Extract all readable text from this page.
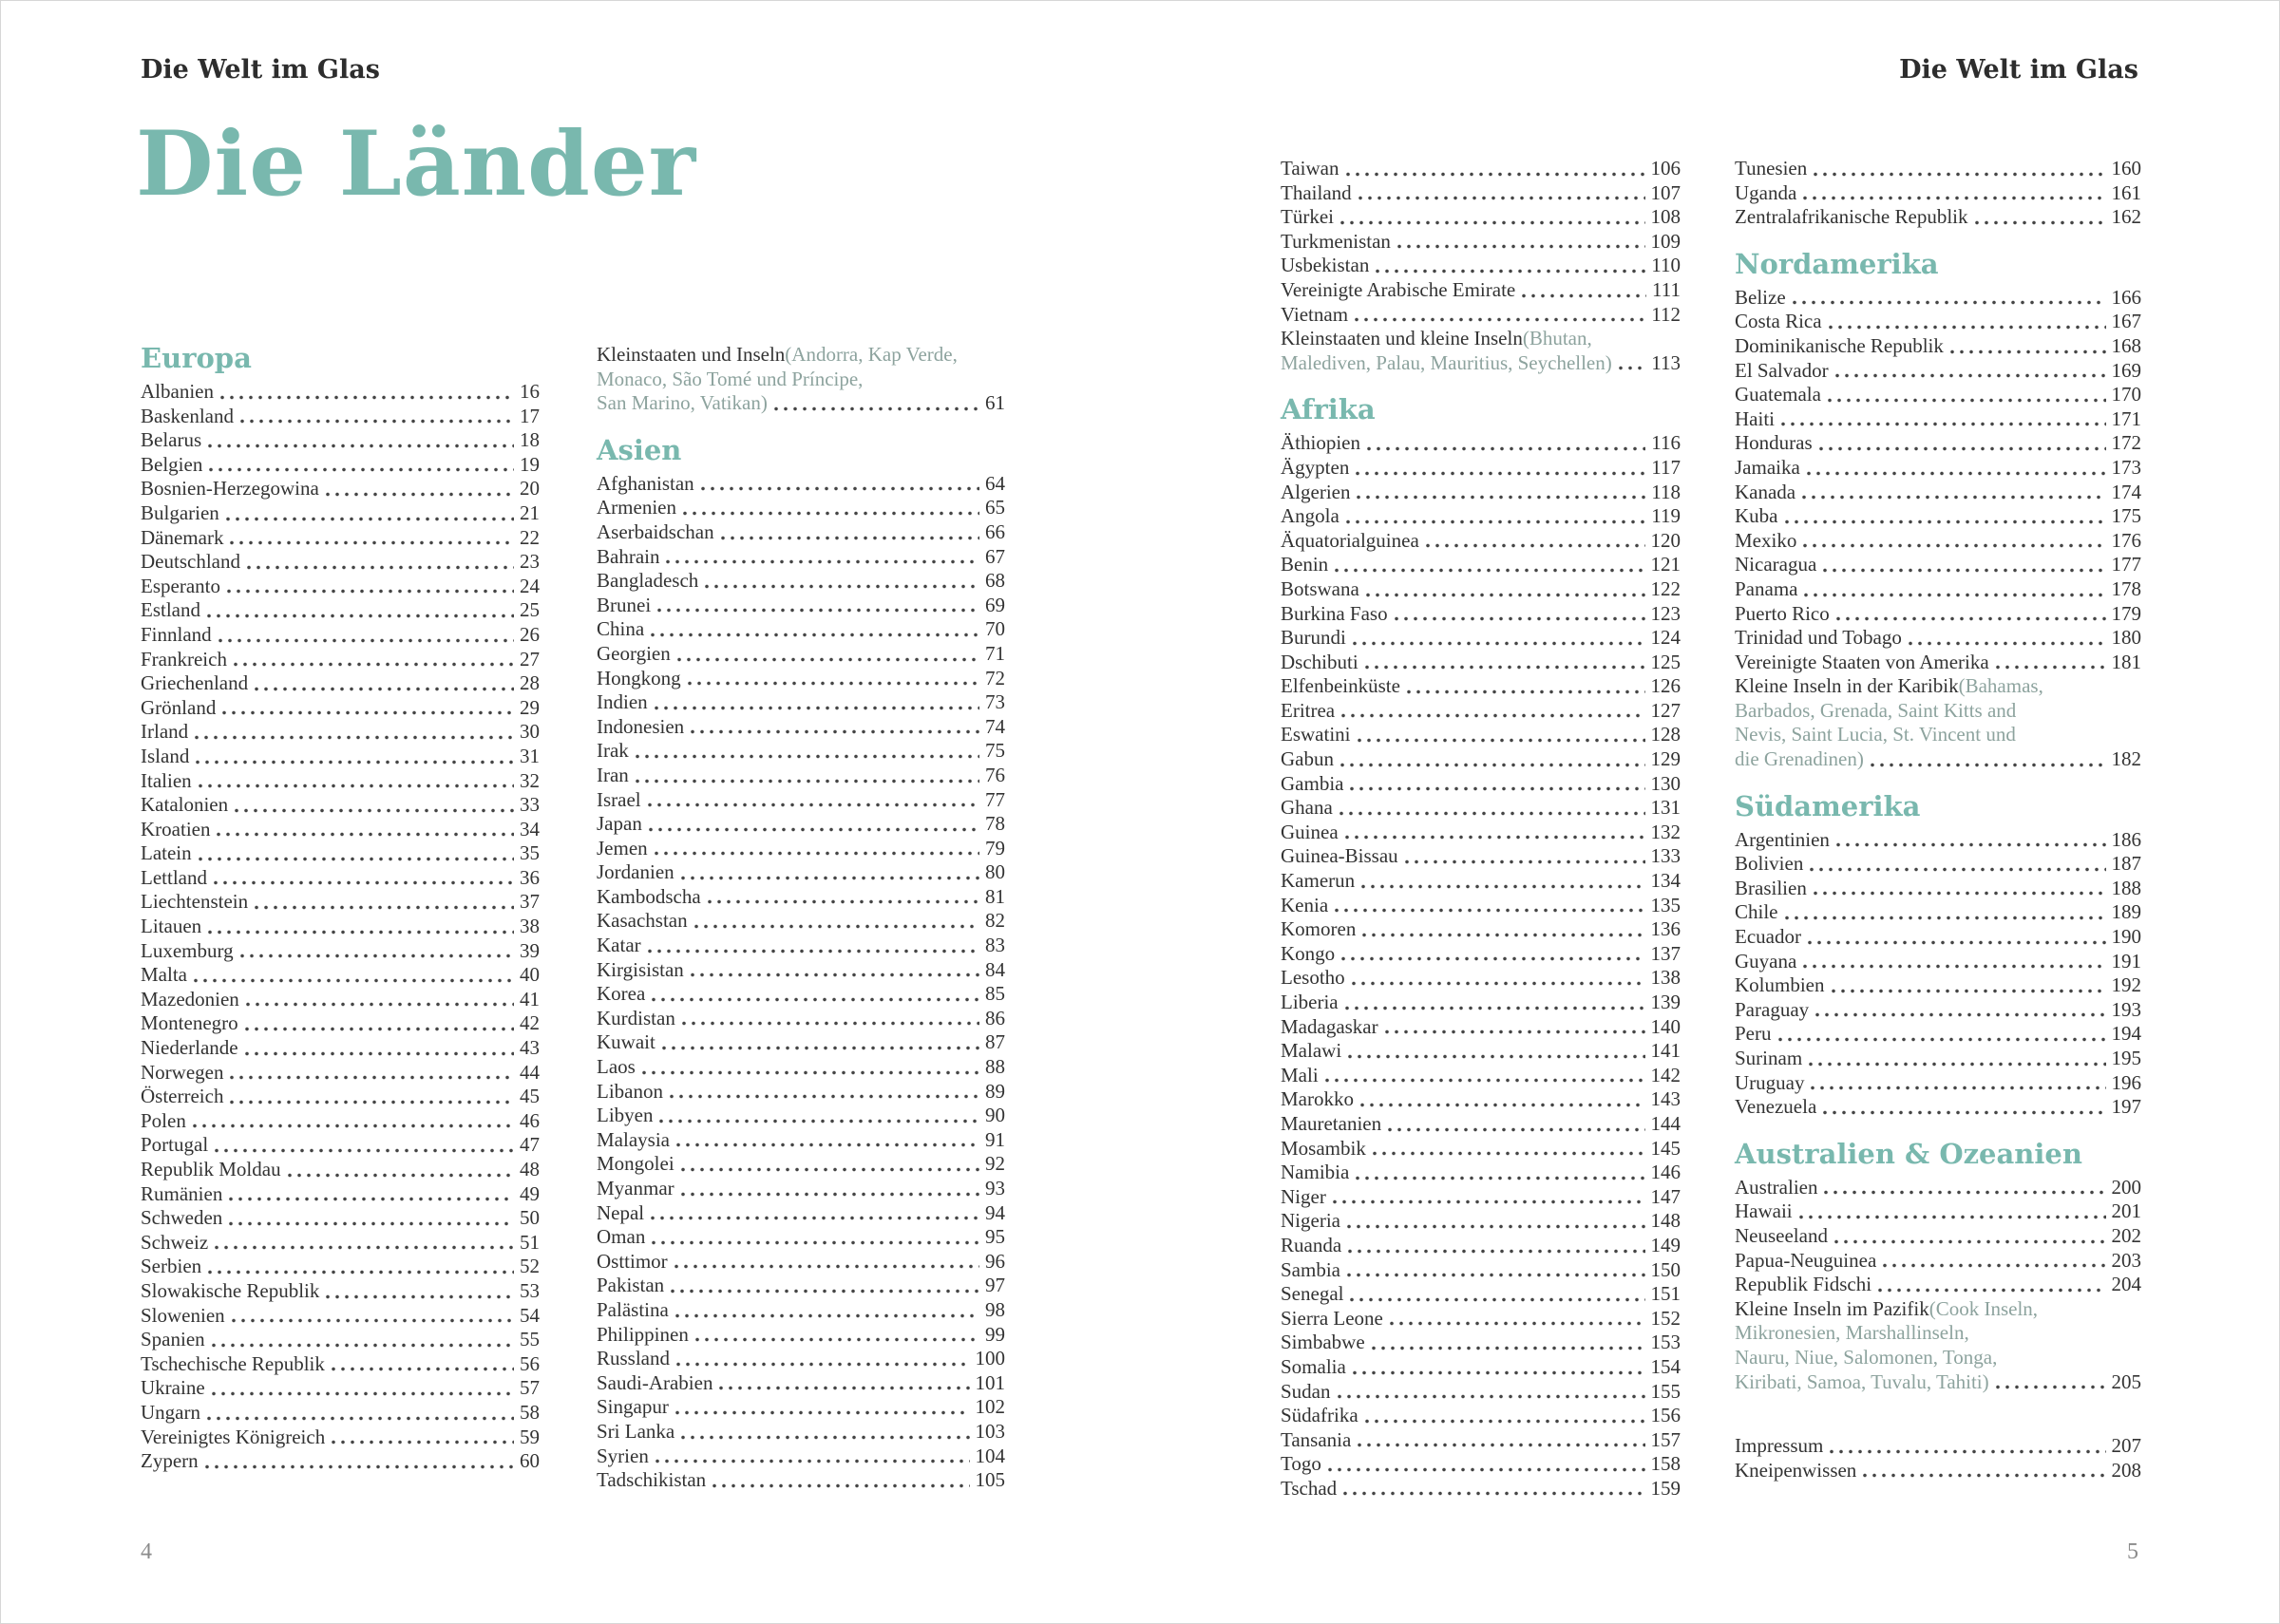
Die Welt im Glas	Die Welt im Glas
Die Länder
Europa
Albanien	16
Baskenland	17
Belarus	18
Belgien	19
Bosnien-Herzegowina	20
Bulgarien	21
Dänemark	22
Deutschland	23
Esperanto	24
Estland	25
Finnland	26
Frankreich	27
Griechenland	28
Grönland	29
Irland	30
Island	31
Italien	32
Katalonien	33
Kroatien	34
Latein	35
Lettland	36
Liechtenstein	37
Litauen	38
Luxemburg	39
Malta	40
Mazedonien	41
Montenegro	42
Niederlande	43
Norwegen	44
Österreich	45
Polen	46
Portugal	47
Republik Moldau	48
Rumänien	49
Schweden	50
Schweiz	51
Serbien	52
Slowakische Republik	53
Slowenien	54
Spanien	55
Tschechische Republik	56
Ukraine	57
Ungarn	58
Vereinigtes Königreich	59
Zypern	60
Kleinstaaten und Inseln (Andorra, Kap Verde,
Monaco, São Tomé und Príncipe,
San Marino, Vatikan)	61
Asien
Afghanistan	64
Armenien	65
Aserbaidschan	66
Bahrain	67
Bangladesch	68
Brunei	69
China	70
Georgien	71
Hongkong	72
Indien	73
Indonesien	74
Irak	75
Iran	76
Israel	77
Japan	78
Jemen	79
Jordanien	80
Kambodscha	81
Kasachstan	82
Katar	83
Kirgisistan	84
Korea	85
Kurdistan	86
Kuwait	87
Laos	88
Libanon	89
Libyen	90
Malaysia	91
Mongolei	92
Myanmar	93
Nepal	94
Oman	95
Osttimor	96
Pakistan	97
Palästina	98
Philippinen	99
Russland	100
Saudi-Arabien	101
Singapur	102
Sri Lanka	103
Syrien	104
Tadschikistan	105
Taiwan	106
Thailand	107
Türkei	108
Turkmenistan	109
Usbekistan	110
Vereinigte Arabische Emirate	111
Vietnam	112
Kleinstaaten und kleine Inseln (Bhutan,
Malediven, Palau, Mauritius, Seychellen) 113
Afrika
Äthiopien	116
Ägypten	117
Algerien	118
Angola	119
Äquatorialguinea	120
Benin	121
Botswana	122
Burkina Faso	123
Burundi	124
Dschibuti	125
Elfenbeinküste	126
Eritrea	127
Eswatini	128
Gabun	129
Gambia	130
Ghana	131
Guinea	132
Guinea-Bissau	133
Kamerun	134
Kenia	135
Komoren	136
Kongo	137
Lesotho	138
Liberia	139
Madagaskar	140
Malawi	141
Mali	142
Marokko	143
Mauretanien	144
Mosambik	145
Namibia	146
Niger	147
Nigeria	148
Ruanda	149
Sambia	150
Senegal	151
Sierra Leone	152
Simbabwe	153
Somalia	154
Sudan	155
Südafrika	156
Tansania	157
Togo	158
Tschad	159
Tunesien	160
Uganda	161
Zentralafrikanische Republik	162
Nordamerika
Belize	166
Costa Rica	167
Dominikanische Republik	168
El Salvador	169
Guatemala	170
Haiti	171
Honduras	172
Jamaika	173
Kanada	174
Kuba	175
Mexiko	176
Nicaragua	177
Panama	178
Puerto Rico	179
Trinidad und Tobago	180
Vereinigte Staaten von Amerika	181
Kleine Inseln in der Karibik (Bahamas,
Barbados, Grenada, Saint Kitts and
Nevis, Saint Lucia, St. Vincent und
die Grenadinen)	182
Südamerika
Argentinien	186
Bolivien	187
Brasilien	188
Chile	189
Ecuador	190
Guyana	191
Kolumbien	192
Paraguay	193
Peru	194
Surinam	195
Uruguay	196
Venezuela	197
Australien & Ozeanien
Australien	200
Hawaii	201
Neuseeland	202
Papua-Neuguinea	203
Republik Fidschi	204
Kleine Inseln im Pazifik (Cook Inseln,
Mikronesien, Marshallinseln,
Nauru, Niue, Salomonen, Tonga,
Kiribati, Samoa, Tuvalu, Tahiti)	205
Impressum	207
Kneipenwissen	208
4	5
